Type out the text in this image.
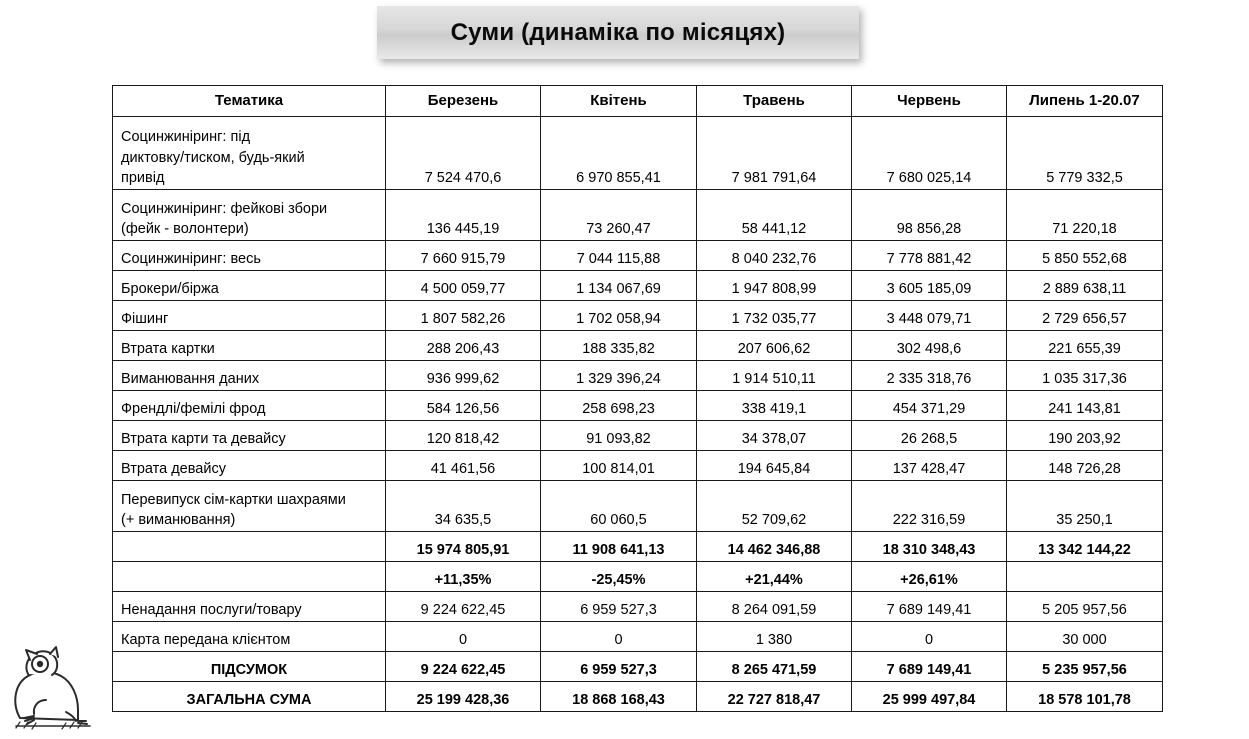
Суми (динаміка по місяцях)
Тематика	Березень	Квітень	Травень	Червень	Липень 1-20.07
Социнжиніринг: під
диктовку/тиском, будь-який
привід	7 524 470,6	6 970 855,41	7 981 791,64	7 680 025,14	5 779 332,5
Социнжиніринг: фейкові збори
(фейк - волонтери)	136 445,19	73 260,47	58 441,12	98 856,28	71 220,18
Социнжиніринг: весь	7 660 915,79	7 044 115,88	8 040 232,76	7 778 881,42	5 850 552,68
Брокери/біржа	4 500 059,77	1 134 067,69	1 947 808,99	3 605 185,09	2 889 638,11
Фішинг	1 807 582,26	1 702 058,94	1 732 035,77	3 448 079,71	2 729 656,57
Втрата картки	288 206,43	188 335,82	207 606,62	302 498,6	221 655,39
Виманювання даних	936 999,62	1 329 396,24	1 914 510,11	2 335 318,76	1 035 317,36
Френдлі/фемілі фрод	584 126,56	258 698,23	338 419,1	454 371,29	241 143,81
Втрата карти та девайсу	120 818,42	91 093,82	34 378,07	26 268,5	190 203,92
Втрата девайсу	41 461,56	100 814,01	194 645,84	137 428,47	148 726,28
Перевипуск сім-картки шахраями
(+ виманювання)	34 635,5	60 060,5	52 709,62	222 316,59	35 250,1
	15 974 805,91	11 908 641,13	14 462 346,88	18 310 348,43	13 342 144,22
	+11,35%	-25,45%	+21,44%	+26,61%	
Ненадання послуги/товару	9 224 622,45	6 959 527,3	8 264 091,59	7 689 149,41	5 205 957,56
Карта передана клієнтом	0	0	1 380	0	30 000
ПІДСУМОК	9 224 622,45	6 959 527,3	8 265 471,59	7 689 149,41	5 235 957,56
ЗАГАЛЬНА СУМА	25 199 428,36	18 868 168,43	22 727 818,47	25 999 497,84	18 578 101,78
